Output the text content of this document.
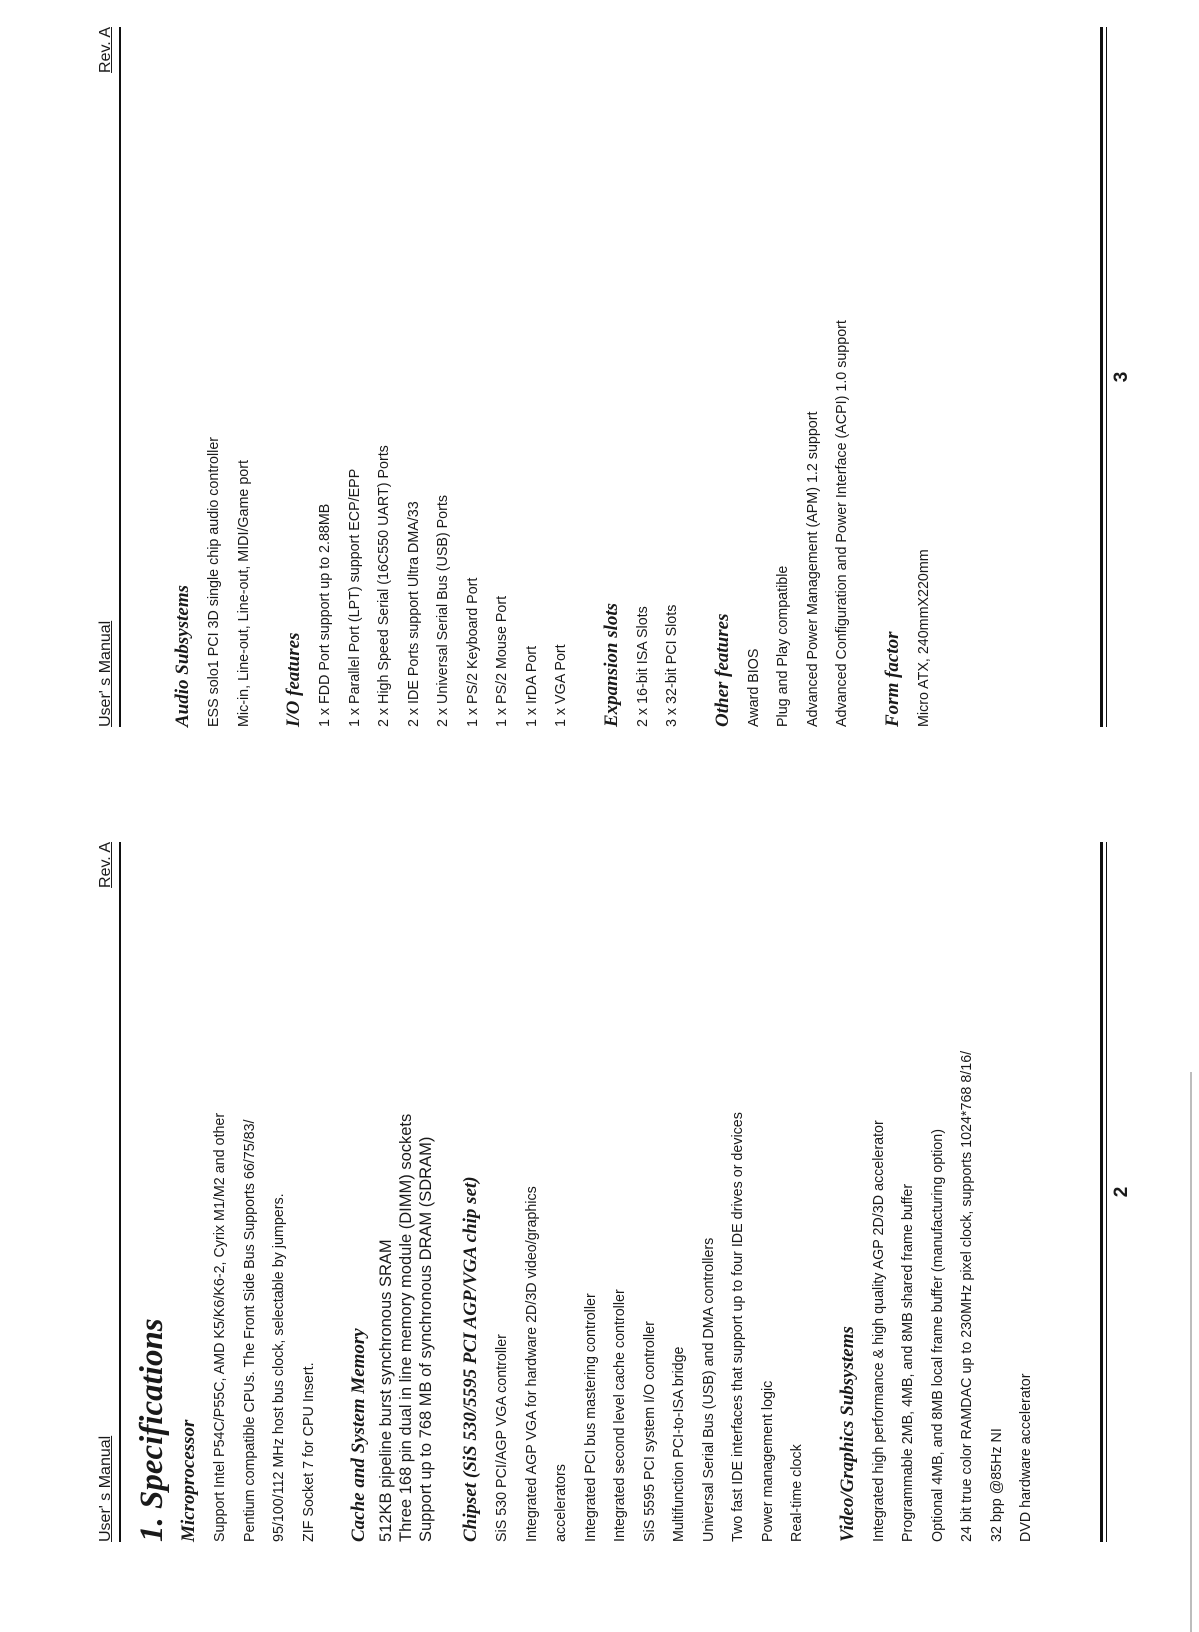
User' s Manual
Rev. A
1. Specifications Microprocessor Support Intel P54C/P55C, AMD K5/K6/K6-2, Cyrix M1/M2 and other Pentium compatible CPUs. The Front Side Bus Supports 66/75/83/ 95/100/112 MHz host bus clock, selectable by jumpers. ZIF Socket 7 for CPU Insert.	Cache and System Memory 512KB pipeline burst synchronous SRAM Three 168 pin dual in line memory module (DIMM) sockets Support up to 768 MB of synchronous DRAM (SDRAM) Chipset (SiS 530/5595 PCI AGP/VGA chip set) SiS 530 PCI/AGP VGA controller Integrated AGP VGA for hardware 2D/3D video/graphics accelerators Integrated PCI bus mastering controller Integrated second level cache controller SiS 5595 PCI system I/O controller Multifunction PCI-to-ISA bridge Universal Serial Bus (USB) and DMA controllers Two fast IDE interfaces that support up to four IDE drives or devices Power management logic Real-time clock	Video/Graphics Subsystems Integrated high performance & high quality AGP 2D/3D accelerator Programmable 2MB, 4MB, and 8MB shared frame buffer Optional 4MB, and 8MB local frame buffer (manufacturing option) 24 bit true color RAMDAC up to 230MHz pixel clock, supports 1024*768 8/16/ 32 bpp @85Hz NI DVD hardware accelerator
2
User' s Manual
Rev. A
Audio Subsystems ESS solo1 PCI 3D single chip audio controller Mic-in, Line-out, Line-out, MIDI/Game port	I/O features 1 x FDD Port support up to 2.88MB 1 x Parallel Port (LPT) support ECP/EPP 2 x High Speed Serial (16C550 UART) Ports 2 x IDE Ports support Ultra DMA/33 2 x Universal Serial Bus (USB) Ports 1 x PS/2 Keyboard Port 1 x PS/2 Mouse Port 1 x IrDA Port 1 x VGA Port	Expansion slots 2 x 16-bit ISA Slots 3 x 32-bit PCI Slots	Other features Award BIOS Plug and Play compatible Advanced Power Management (APM) 1.2 support Advanced Configuration and Power Interface (ACPI) 1.0 support	Form factor Micro ATX, 240mmX220mm
3
